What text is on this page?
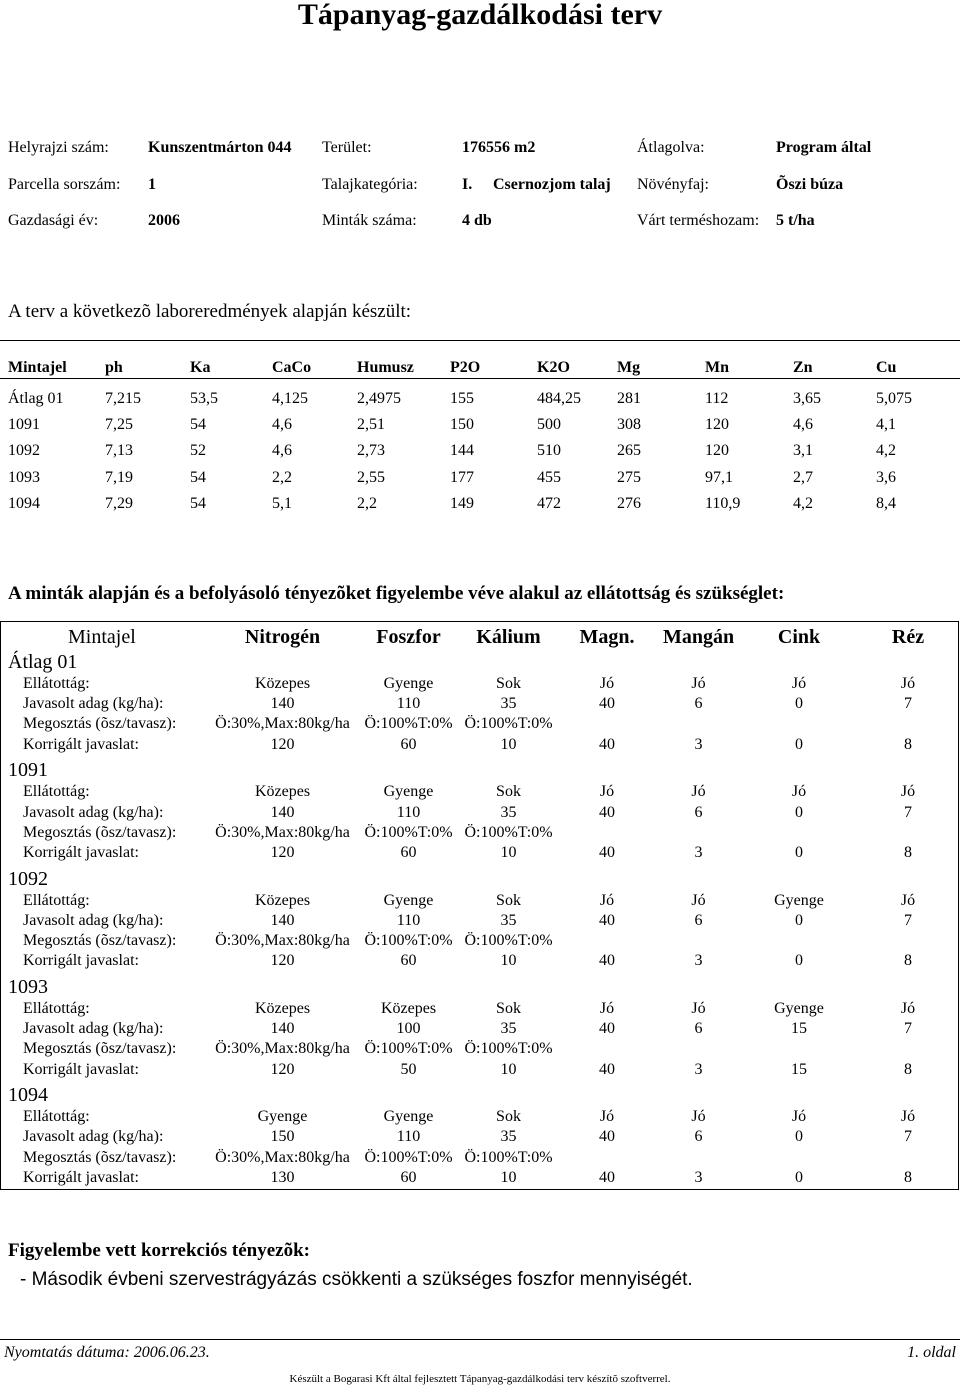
Tápanyag-gazdálkodási terv
Helyrajzi szám: Kunszentmárton 044 Terület:	176556 m2	Átlagolva:	Program által
Parcella sorszám: 1	Talajkategória:	I. Csernozjom talaj Növényfaj:	Õszi búza
Gazdasági év:	2006	Minták száma:	4 db	Várt terméshozam: 5 t/ha
A terv a következõ laboreredmények alapján készült:
Mintajel ph	Ka	CaCo	Humusz P2O	K2O	Mg	Mn	Zn	Cu
Átlag 01	7,215	53,5	4,125	2,4975	155	484,25 281	112	3,65	5,075
1091	7,25	54	4,6	2,51	150	500	308	120	4,6	4,1
1092	7,13	52	4,6	2,73	144	510	265	120	3,1	4,2
1093	7,19	54	2,2	2,55	177	455	275	97,1	2,7	3,6
1094	7,29	54	5,1	2,2	149	472	276	110,9	4,2	8,4
A minták alapján és a befolyásoló tényezõket figyelembe véve alakul az ellátottság és szükséglet:
Mintajel	Nitrogén	Foszfor	Kálium	Magn.	Mangán	Cink	Réz
Átlag 01
Ellátottág:	Közepes	Gyenge	Sok	Jó	Jó	Jó	Jó
Javasolt adag (kg/ha):	140	110	35	40	6	0	7
Megosztás (õsz/tavasz):	Ö:30%,Max:80kg/ha Ö:100%T:0% Ö:100%T:0%
Korrigált javaslat:	120	60	10	40	3	0	8
1091
Ellátottág:	Közepes	Gyenge	Sok	Jó	Jó	Jó	Jó
Javasolt adag (kg/ha):	140	110	35	40	6	0	7
Megosztás (õsz/tavasz):	Ö:30%,Max:80kg/ha Ö:100%T:0% Ö:100%T:0%
Korrigált javaslat:	120	60	10	40	3	0	8
1092
Ellátottág:	Közepes	Gyenge	Sok	Jó	Jó	Gyenge	Jó
Javasolt adag (kg/ha):	140	110	35	40	6	0	7
Megosztás (õsz/tavasz):	Ö:30%,Max:80kg/ha Ö:100%T:0% Ö:100%T:0%
Korrigált javaslat:	120	60	10	40	3	0	8
1093
Ellátottág:	Közepes	Közepes	Sok	Jó	Jó	Gyenge	Jó
Javasolt adag (kg/ha):	140	100	35	40	6	15	7
Megosztás (õsz/tavasz):	Ö:30%,Max:80kg/ha Ö:100%T:0% Ö:100%T:0%
Korrigált javaslat:	120	50	10	40	3	15	8
1094
Ellátottág:	Gyenge	Gyenge	Sok	Jó	Jó	Jó	Jó
Javasolt adag (kg/ha):	150	110	35	40	6	0	7
Megosztás (õsz/tavasz):	Ö:30%,Max:80kg/ha Ö:100%T:0% Ö:100%T:0%
Korrigált javaslat:	130	60	10	40	3	0	8
Figyelembe vett korrekciós tényezõk:
- Második évbeni szervestrágyázás csökkenti a szükséges foszfor mennyiségét.
Nyomtatás dátuma: 2006.06.23.	1. oldal
Készült a Bogarasi Kft által fejlesztett Tápanyag-gazdálkodási terv készítõ szoftverrel.
